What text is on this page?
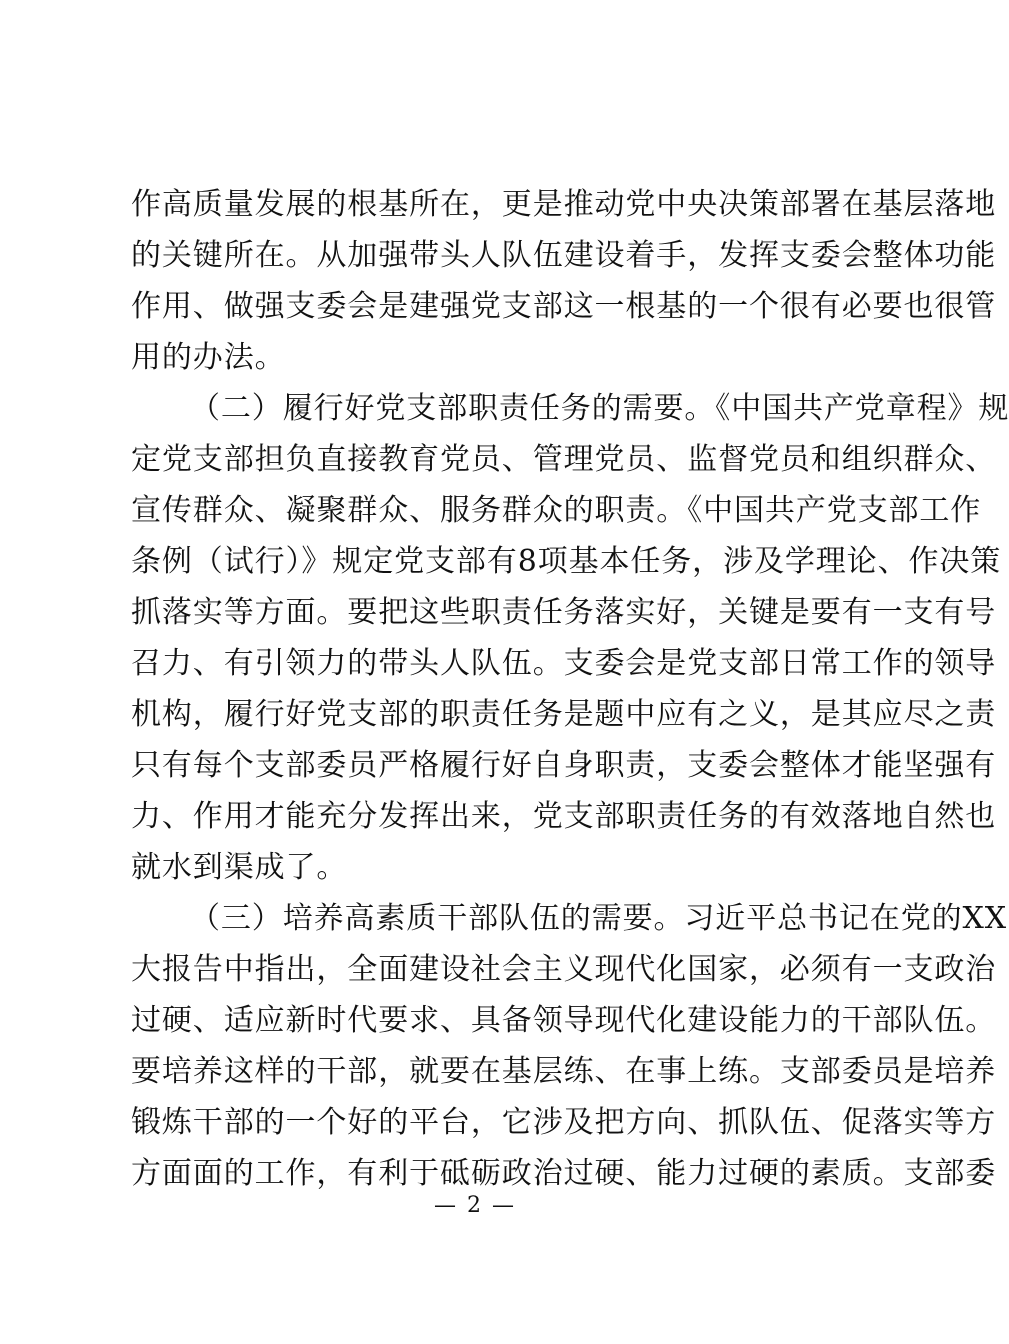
作高质量发展的根基所在，更是推动党中央决策部署在基层落地
的关键所在。从加强带头人队伍建设着手，发挥支委会整体功能
作用、做强支委会是建强党支部这一根基的一个很有必要也很管
用的办法。
（二）履行好党支部职责任务的需要。《中国共产党章程》规
定党支部担负直接教育党员、管理党员、监督党员和组织群众、
宣传群众、凝聚群众、服务群众的职责。《中国共产党支部工作
条例（试行）》规定党支部有8项基本任务，涉及学理论、作决策
抓落实等方面。要把这些职责任务落实好，关键是要有一支有号
召力、有引领力的带头人队伍。支委会是党支部日常工作的领导
机构，履行好党支部的职责任务是题中应有之义，是其应尽之责
只有每个支部委员严格履行好自身职责，支委会整体才能坚强有
力、作用才能充分发挥出来，党支部职责任务的有效落地自然也
就水到渠成了。
（三）培养高素质干部队伍的需要。习近平总书记在党的XX
大报告中指出，全面建设社会主义现代化国家，必须有一支政治
过硬、适应新时代要求、具备领导现代化建设能力的干部队伍。
要培养这样的干部，就要在基层练、在事上练。支部委员是培养
锻炼干部的一个好的平台，它涉及把方向、抓队伍、促落实等方
方面面的工作，有利于砥砺政治过硬、能力过硬的素质。支部委
— 2 —
